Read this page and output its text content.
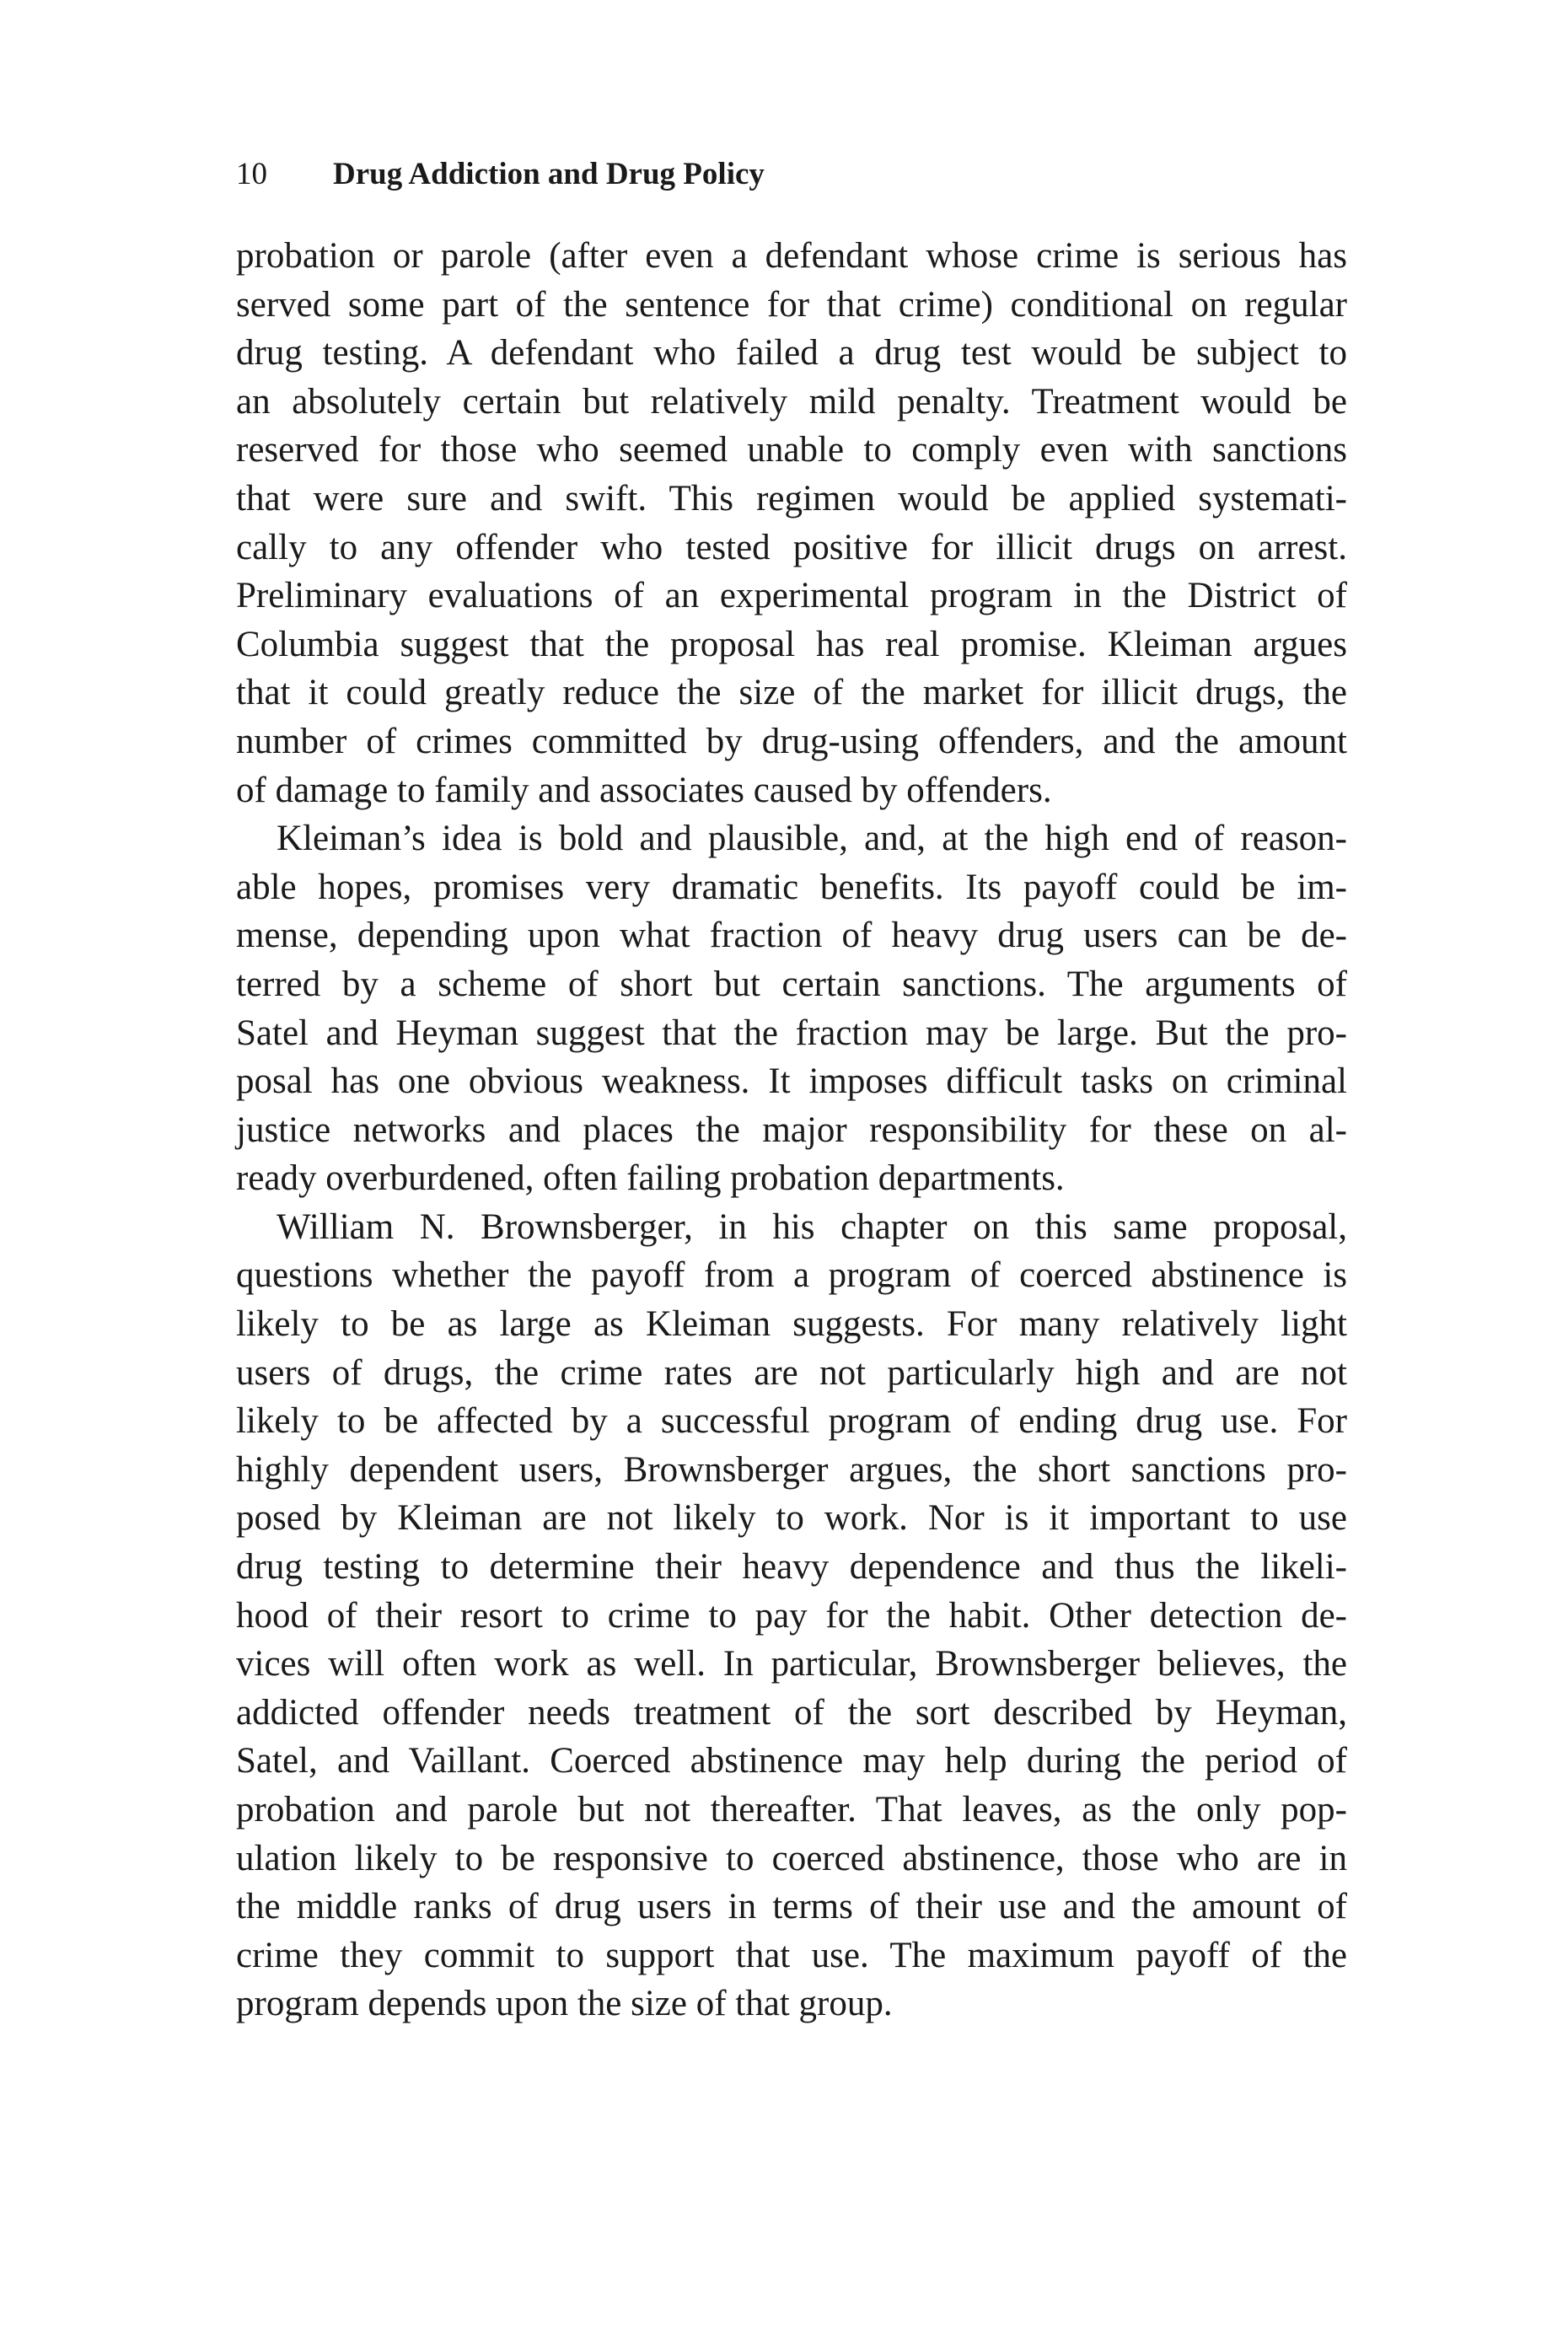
10 Drug Addiction and Drug Policy
probation or parole (after even a defendant whose crime is serious has
served some part of the sentence for that crime) conditional on regular
drug testing. A defendant who failed a drug test would be subject to
an absolutely certain but relatively mild penalty. Treatment would be
reserved for those who seemed unable to comply even with sanctions
that were sure and swift. This regimen would be applied systemati-
cally to any offender who tested positive for illicit drugs on arrest.
Preliminary evaluations of an experimental program in the District of
Columbia suggest that the proposal has real promise. Kleiman argues
that it could greatly reduce the size of the market for illicit drugs, the
number of crimes committed by drug-using offenders, and the amount
of damage to family and associates caused by offenders.
Kleiman’s idea is bold and plausible, and, at the high end of reason-
able hopes, promises very dramatic benefits. Its payoff could be im-
mense, depending upon what fraction of heavy drug users can be de-
terred by a scheme of short but certain sanctions. The arguments of
Satel and Heyman suggest that the fraction may be large. But the pro-
posal has one obvious weakness. It imposes difficult tasks on criminal
justice networks and places the major responsibility for these on al-
ready overburdened, often failing probation departments.
William N. Brownsberger, in his chapter on this same proposal,
questions whether the payoff from a program of coerced abstinence is
likely to be as large as Kleiman suggests. For many relatively light
users of drugs, the crime rates are not particularly high and are not
likely to be affected by a successful program of ending drug use. For
highly dependent users, Brownsberger argues, the short sanctions pro-
posed by Kleiman are not likely to work. Nor is it important to use
drug testing to determine their heavy dependence and thus the likeli-
hood of their resort to crime to pay for the habit. Other detection de-
vices will often work as well. In particular, Brownsberger believes, the
addicted offender needs treatment of the sort described by Heyman,
Satel, and Vaillant. Coerced abstinence may help during the period of
probation and parole but not thereafter. That leaves, as the only pop-
ulation likely to be responsive to coerced abstinence, those who are in
the middle ranks of drug users in terms of their use and the amount of
crime they commit to support that use. The maximum payoff of the
program depends upon the size of that group.
